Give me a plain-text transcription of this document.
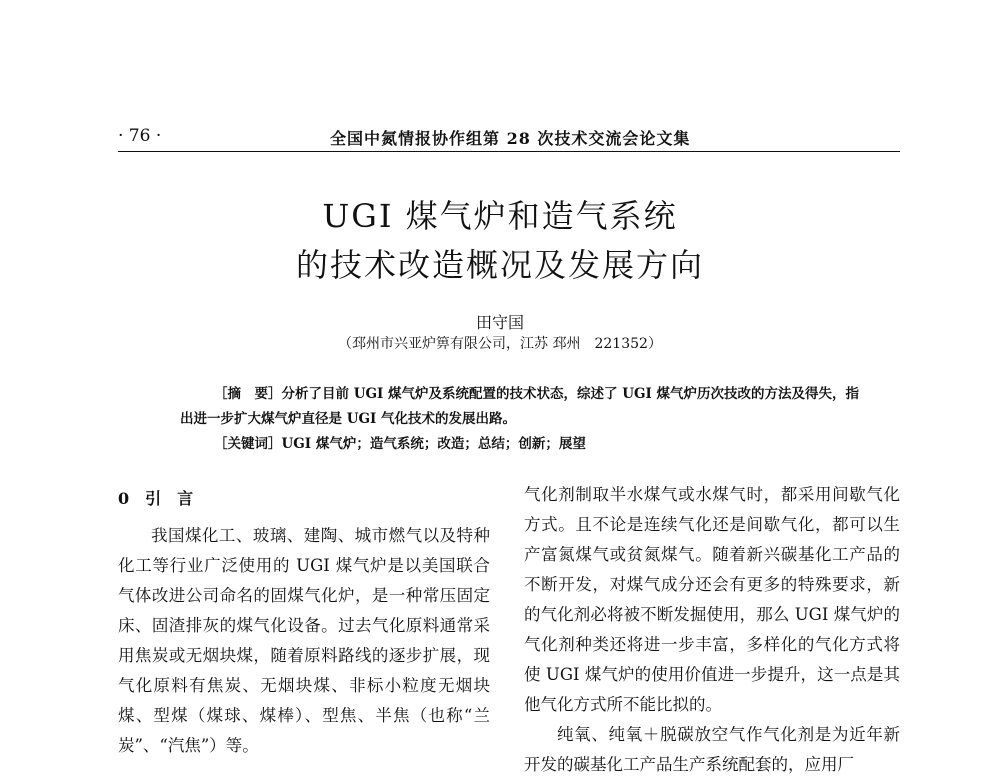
· 76 ·	全国中氮情报协作组第 28 次技术交流会论文集
UGI 煤气炉和造气系统
的技术改造概况及发展方向
田守国
（邳州市兴亚炉箅有限公司，江苏 邳州　221352）
［摘　要］分析了目前 UGI 煤气炉及系统配置的技术状态，综述了 UGI 煤气炉历次技改的方法及得失，指出进一步扩大煤气炉直径是 UGI 气化技术的发展出路。
［关键词］UGI 煤气炉；造气系统；改造；总结；创新；展望
0　引　言

我国煤化工、玻璃、建陶、城市燃气以及特种化工等行业广泛使用的 UGI 煤气炉是以美国联合气体改进公司命名的固煤气化炉，是一种常压固定床、固渣排灰的煤气化设备。过去气化原料通常采用焦炭或无烟块煤，随着原料路线的逐步扩展，现气化原料有焦炭、无烟块煤、非标小粒度无烟块煤、型煤（煤球、煤棒）、型焦、半焦（也称“兰炭”、“汽焦”）等。

气化剂制取半水煤气或水煤气时，都采用间歇气化方式。且不论是连续气化还是间歇气化，都可以生产富氮煤气或贫氮煤气。随着新兴碳基化工产品的不断开发，对煤气成分还会有更多的特殊要求，新的气化剂必将被不断发掘使用，那么 UGI 煤气炉的气化剂种类还将进一步丰富，多样化的气化方式将使 UGI 煤气炉的使用价值进一步提升，这一点是其他气化方式所不能比拟的。

纯氧、纯氧＋脱碳放空气作气化剂是为近年新开发的碳基化工产品生产系统配套的，应用厂
